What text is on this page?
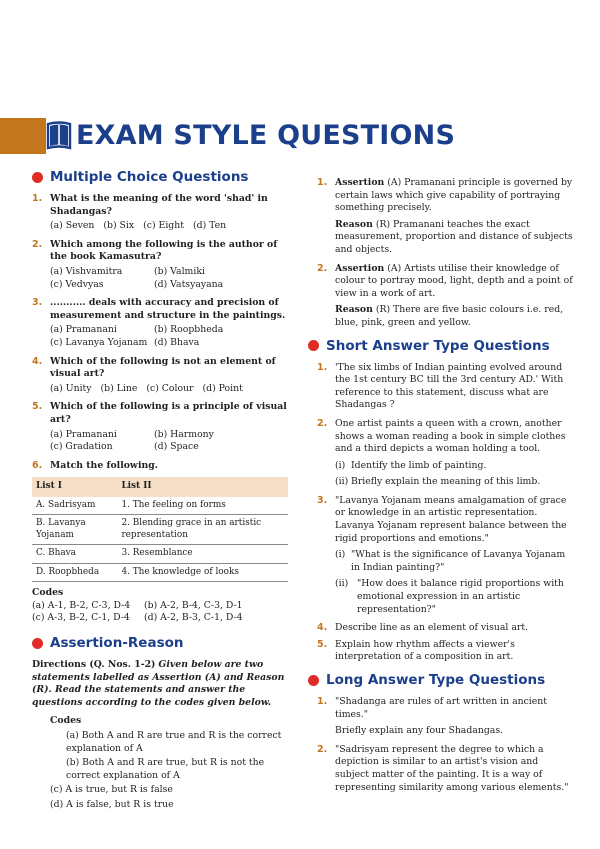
EXAM STYLE QUESTIONS
Multiple Choice Questions
1. What is the meaning of the word 'shad' in Shadangas?
(a) Seven (b) Six (c) Eight (d) Ten
2. Which among the following is the author of the book Kamasutra?
(a) Vishvamitra	(b) Valmiki
(c) Vedvyas	(d) Vatsyayana
3. ........... deals with accuracy and precision of measurement and structure in the paintings.
(a) Pramanani	(b) Roopbheda
(c) Lavanya Yojanam (d) Bhava
4. Which of the following is not an element of visual art?
(a) Unity (b) Line (c) Colour (d) Point
5. Which of the following is a principle of visual art?
(a) Pramanani	(b) Harmony
(c) Gradation	(d) Space
6. Match the following.
List I	List II
A. Sadrisyam	1. The feeling on forms
B. Lavanya Yojanam	2. Blending grace in an artistic representation
C. Bhava	3. Resemblance
D. Roopbheda	4. The knowledge of looks
Codes
(a) A-1, B-2, C-3, D-4	(b) A-2, B-4, C-3, D-1
(c) A-3, B-2, C-1, D-4	(d) A-2, B-3, C-1, D-4
Assertion-Reason
Directions (Q. Nos. 1-2) Given below are two statements labelled as Assertion (A) and Reason (R). Read the statements and answer the questions according to the codes given below.
Codes
(a) Both A and R are true and R is the correct explanation of A
(b) Both A and R are true, but R is not the correct explanation of A
(c) A is true, but R is false
(d) A is false, but R is true
1. Assertion (A) Pramanani principle is governed by certain laws which give capability of portraying something precisely.
Reason (R) Pramanani teaches the exact measurement, proportion and distance of subjects and objects.
2. Assertion (A) Artists utilise their knowledge of colour to portray mood, light, depth and a point of view in a work of art.
Reason (R) There are five basic colours i.e. red, blue, pink, green and yellow.
Short Answer Type Questions
1. 'The six limbs of Indian painting evolved around the 1st century BC till the 3rd century AD.' With reference to this statement, discuss what are Shadangas ?
2. One artist paints a queen with a crown, another shows a woman reading a book in simple clothes and a third depicts a woman holding a tool.
(i) Identify the limb of painting.
(ii) Briefly explain the meaning of this limb.
3. "Lavanya Yojanam means amalgamation of grace or knowledge in an artistic representation. Lavanya Yojanam represent balance between the rigid proportions and emotions."
(i) "What is the significance of Lavanya Yojanam in Indian painting?"
(ii) "How does it balance rigid proportions with emotional expression in an artistic representation?"
4. Describe line as an element of visual art.
5. Explain how rhythm affects a viewer's interpretation of a composition in art.
Long Answer Type Questions
1. "Shadanga are rules of art written in ancient times."
Briefly explain any four Shadangas.
2. "Sadrisyam represent the degree to which a depiction is similar to an artist's vision and subject matter of the painting. It is a way of representing similarity among various elements."
